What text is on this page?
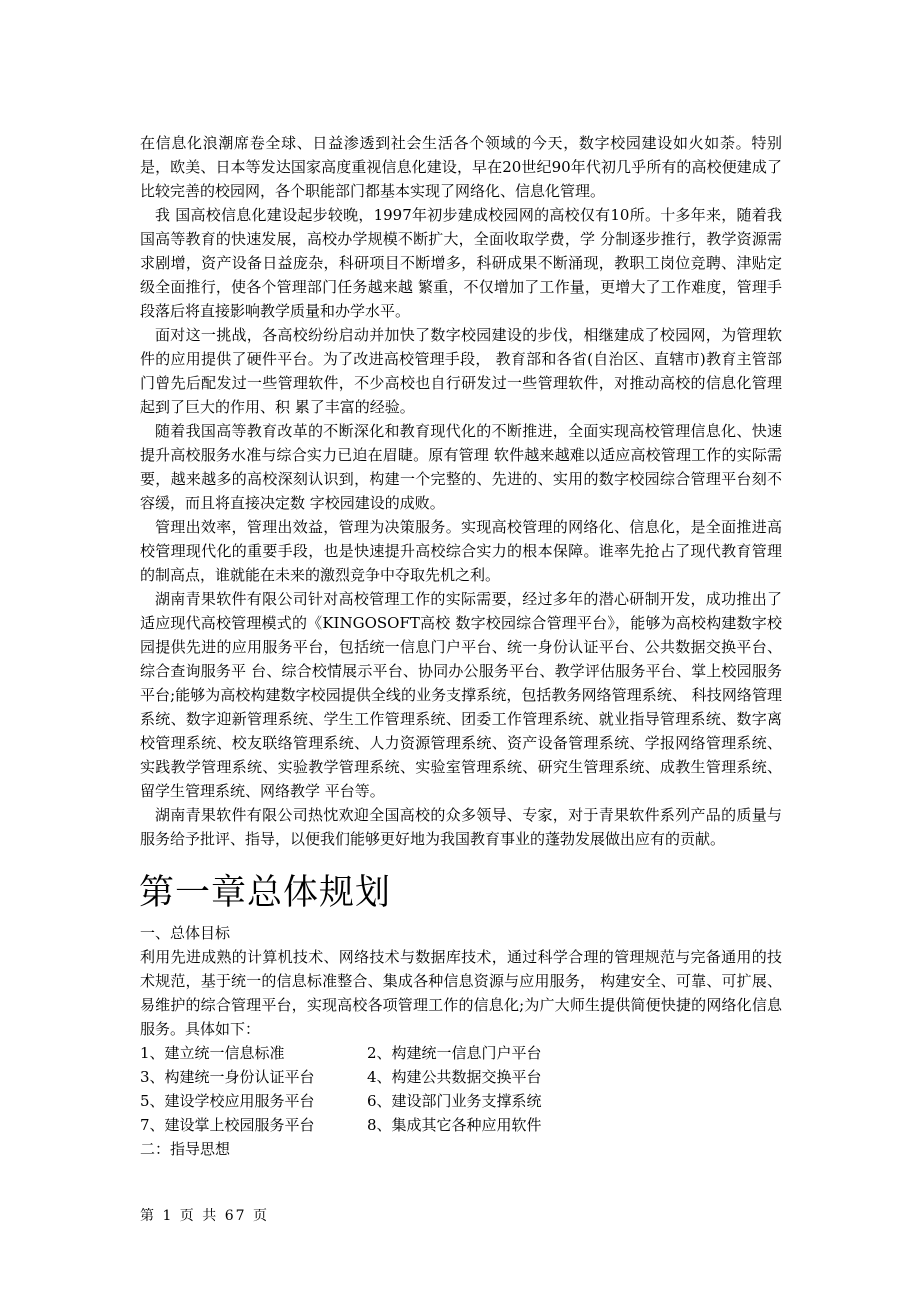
在信息化浪潮席卷全球、日益渗透到社会生活各个领域的今天，数字校园建设如火如荼。特别是，欧美、日本等发达国家高度重视信息化建设，早在20世纪90年代初几乎所有的高校便建成了比较完善的校园网，各个职能部门都基本实现了网络化、信息化管理。

我 国高校信息化建设起步较晚，1997年初步建成校园网的高校仅有10所。十多年来，随着我国高等教育的快速发展，高校办学规模不断扩大，全面收取学费，学 分制逐步推行，教学资源需求剧增，资产设备日益庞杂，科研项目不断增多，科研成果不断涌现，教职工岗位竞聘、津贴定级全面推行，使各个管理部门任务越来越 繁重，不仅增加了工作量，更增大了工作难度，管理手段落后将直接影响教学质量和办学水平。

面对这一挑战，各高校纷纷启动并加快了数字校园建设的步伐，相继建成了校园网，为管理软件的应用提供了硬件平台。为了改进高校管理手段， 教育部和各省(自治区、直辖市)教育主管部门曾先后配发过一些管理软件，不少高校也自行研发过一些管理软件，对推动高校的信息化管理起到了巨大的作用、积 累了丰富的经验。

随着我国高等教育改革的不断深化和教育现代化的不断推进，全面实现高校管理信息化、快速提升高校服务水准与综合实力已迫在眉睫。原有管理 软件越来越难以适应高校管理工作的实际需要，越来越多的高校深刻认识到，构建一个完整的、先进的、实用的数字校园综合管理平台刻不容缓，而且将直接决定数 字校园建设的成败。

管理出效率，管理出效益，管理为决策服务。实现高校管理的网络化、信息化，是全面推进高校管理现代化的重要手段，也是快速提升高校综合实力的根本保障。谁率先抢占了现代教育管理的制高点，谁就能在未来的激烈竞争中夺取先机之利。

湖南青果软件有限公司针对高校管理工作的实际需要，经过多年的潜心研制开发，成功推出了适应现代高校管理模式的《KINGOSOFT高校 数字校园综合管理平台》，能够为高校构建数字校园提供先进的应用服务平台，包括统一信息门户平台、统一身份认证平台、公共数据交换平台、综合查询服务平 台、综合校情展示平台、协同办公服务平台、教学评估服务平台、掌上校园服务平台;能够为高校构建数字校园提供全线的业务支撑系统，包括教务网络管理系统、 科技网络管理系统、数字迎新管理系统、学生工作管理系统、团委工作管理系统、就业指导管理系统、数字离校管理系统、校友联络管理系统、人力资源管理系统、资产设备管理系统、学报网络管理系统、实践教学管理系统、实验教学管理系统、实验室管理系统、研究生管理系统、成教生管理系统、留学生管理系统、网络教学 平台等。

湖南青果软件有限公司热忱欢迎全国高校的众多领导、专家，对于青果软件系列产品的质量与服务给予批评、指导，以便我们能够更好地为我国教育事业的蓬勃发展做出应有的贡献。

第一章总体规划

一、总体目标

利用先进成熟的计算机技术、网络技术与数据库技术，通过科学合理的管理规范与完备通用的技术规范，基于统一的信息标准整合、集成各种信息资源与应用服务， 构建安全、可靠、可扩展、易维护的综合管理平台，实现高校各项管理工作的信息化;为广大师生提供简便快捷的网络化信息服务。具体如下：

1、建立统一信息标准	2、构建统一信息门户平台
3、构建统一身份认证平台	4、构建公共数据交换平台
5、建设学校应用服务平台	6、建设部门业务支撑系统
7、建设掌上校园服务平台	8、集成其它各种应用软件

二：指导思想

第 1 页 共 67 页
